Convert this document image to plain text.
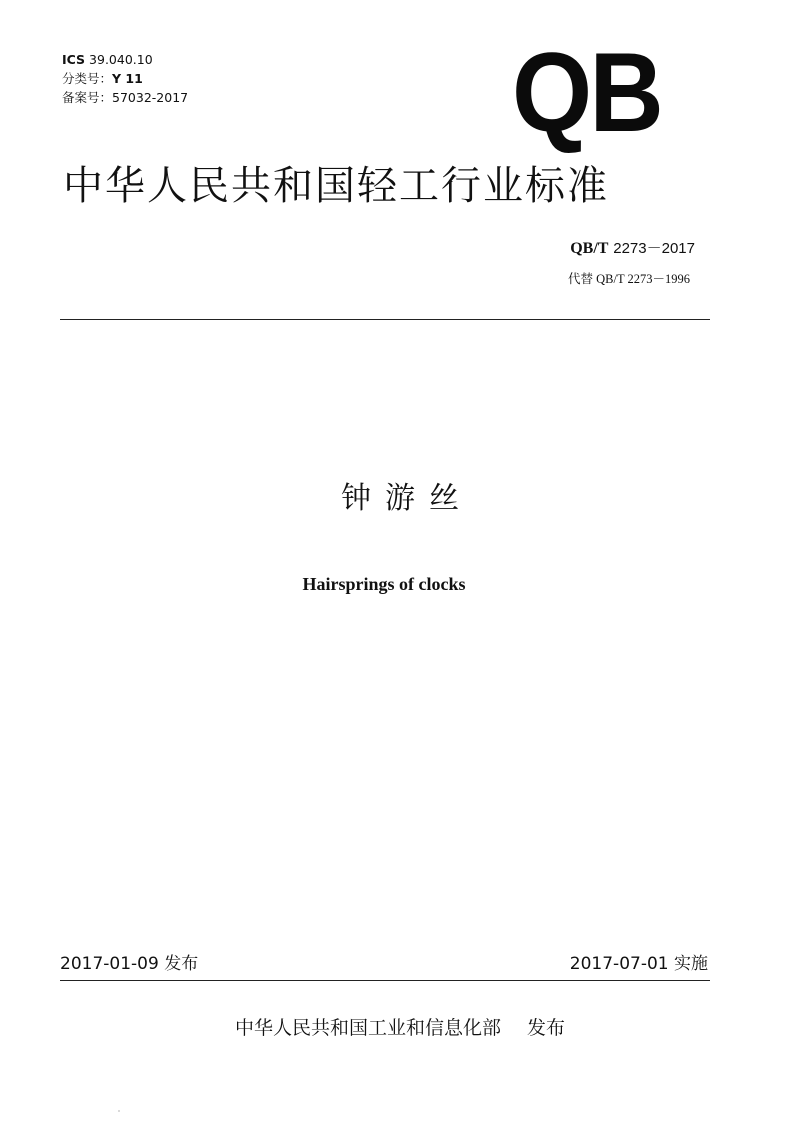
ICS 39.040.10
分类号：Y 11
备案号：57032-2017	QB
中华人民共和国轻工行业标准
QB/T 2273－2017
代替 QB/T 2273－1996
钟游丝
Hairsprings of clocks
2017-01-09 发布	2017-07-01 实施
中华人民共和国工业和信息化部 发布
